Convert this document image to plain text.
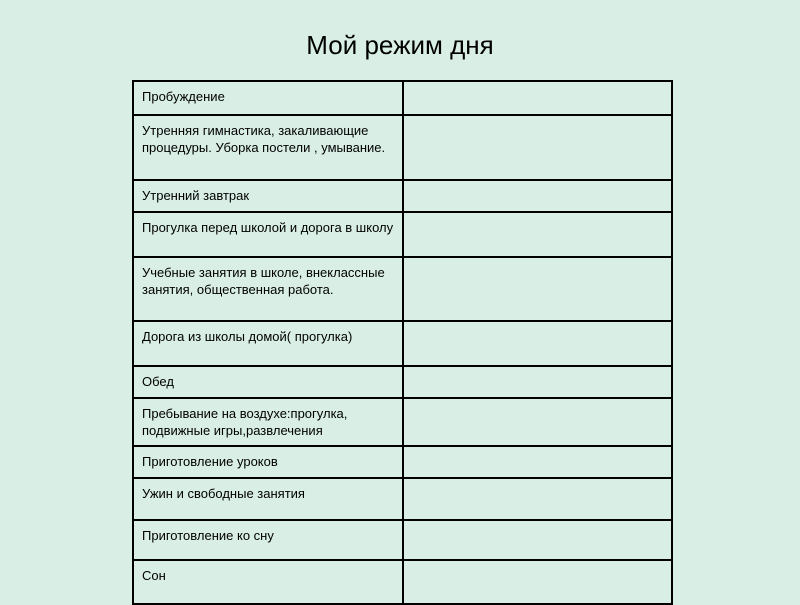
Мой режим дня
Пробуждение	
Утренняя гимнастика, закаливающие процедуры. Уборка постели , умывание.	
Утренний завтрак	
Прогулка перед школой и дорога в школу	
Учебные занятия в школе, внеклассные занятия, общественная работа.	
Дорога из школы домой( прогулка)	
Обед	
Пребывание на воздухе:прогулка, подвижные игры,развлечения	
Приготовление уроков	
Ужин и свободные занятия	
Приготовление ко сну	
Сон	
